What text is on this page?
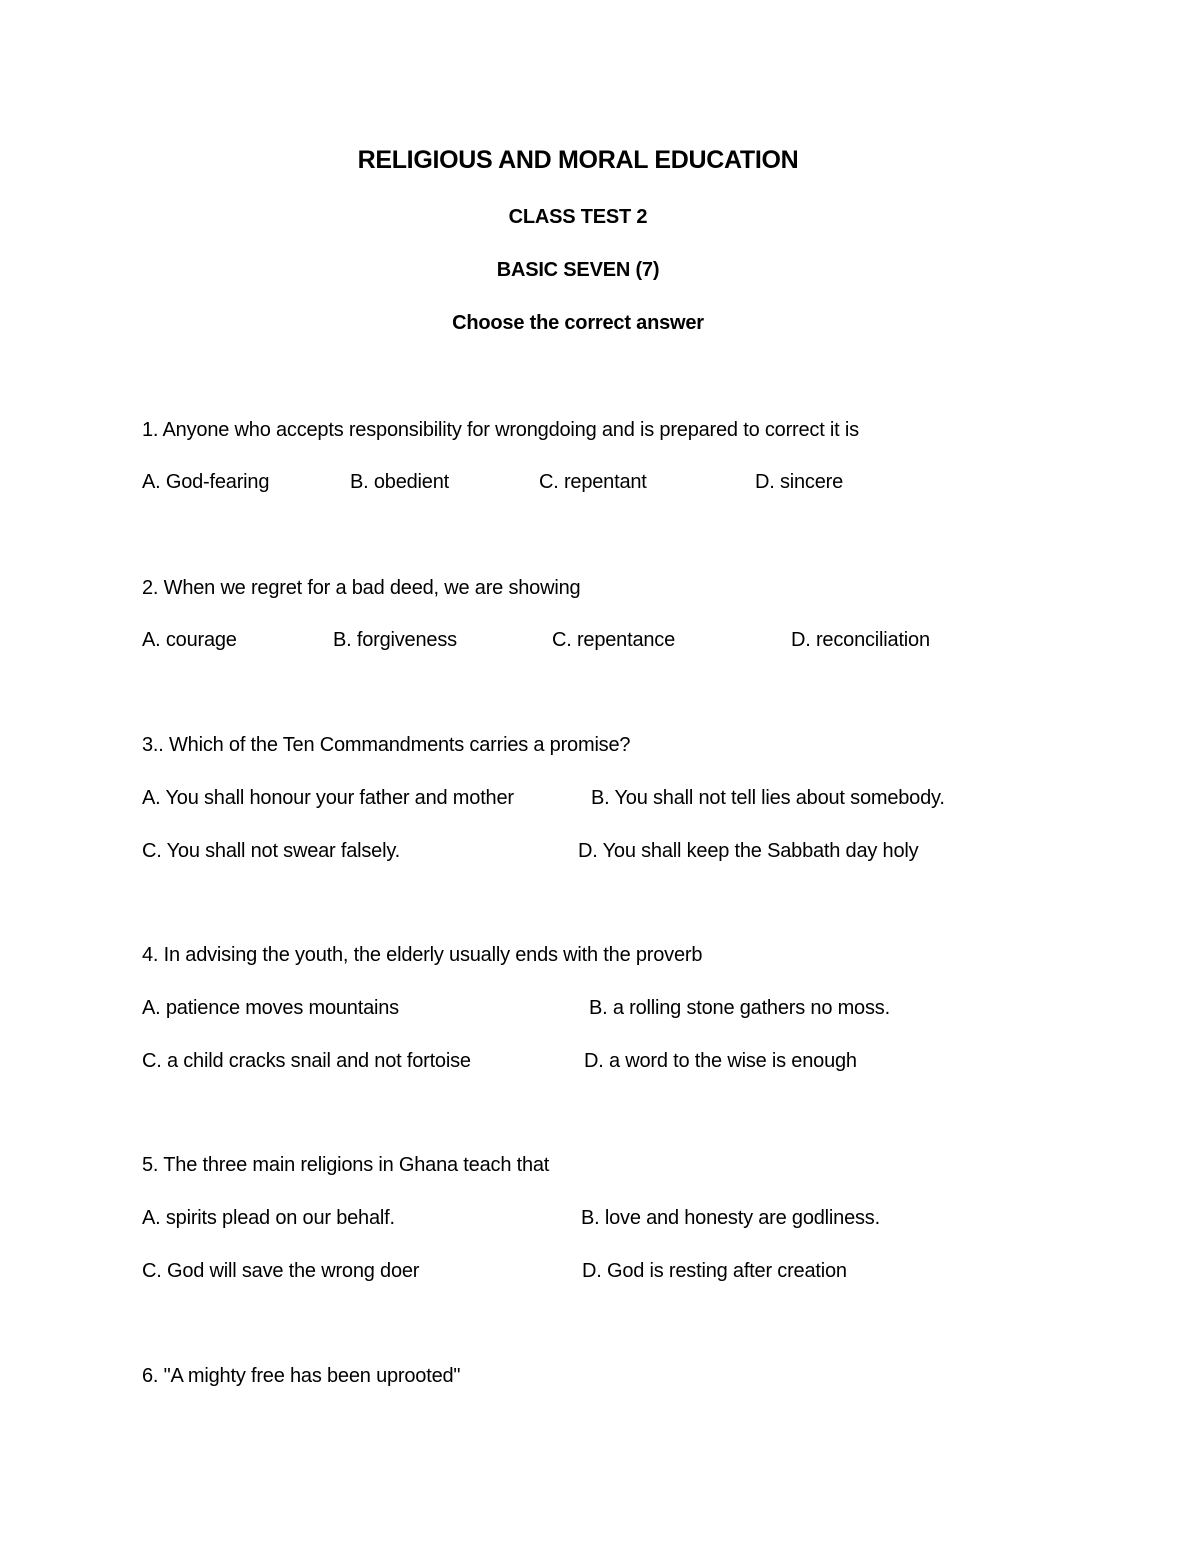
RELIGIOUS AND MORAL EDUCATION
CLASS TEST 2
BASIC SEVEN (7)
Choose the correct answer
1. Anyone who accepts responsibility for wrongdoing and is prepared to correct it is
A. God-fearing	B. obedient	C. repentant	D. sincere
2. When we regret for a bad deed, we are showing
A. courage	B. forgiveness	C. repentance	D. reconciliation
3.. Which of the Ten Commandments carries a promise?
A. You shall honour your father and mother	B. You shall not tell lies about somebody.
C. You shall not swear falsely.	D. You shall keep the Sabbath day holy
4. In advising the youth, the elderly usually ends with the proverb
A. patience moves mountains	B. a rolling stone gathers no moss.
C. a child cracks snail and not fortoise	D. a word to the wise is enough
5. The three main religions in Ghana teach that
A. spirits plead on our behalf.	B. love and honesty are godliness.
C. God will save the wrong doer	D. God is resting after creation
6. "A mighty free has been uprooted"
